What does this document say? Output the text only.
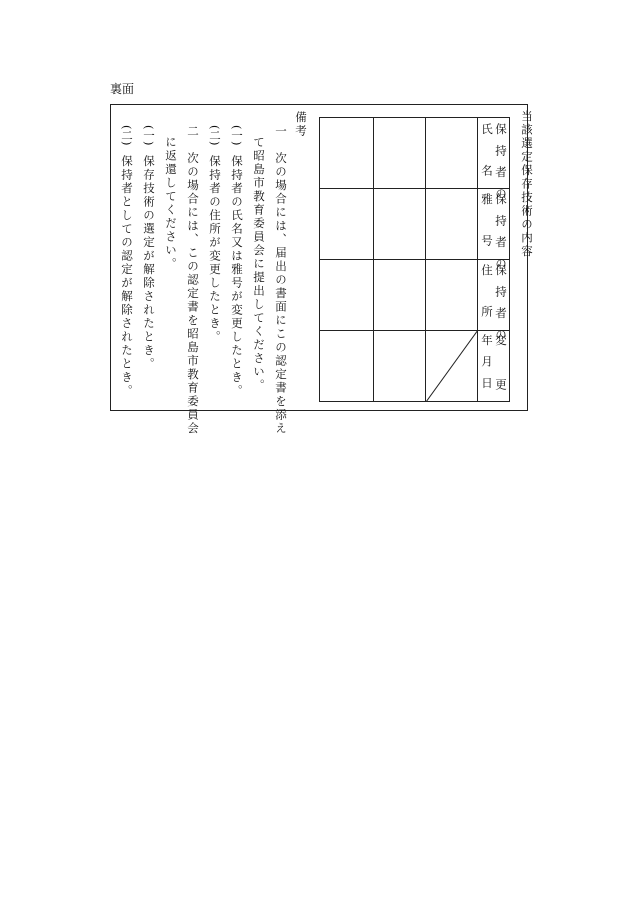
裏面
当該選定保存技術の内容
保持者の
氏名
保持者の
雅号
保持者の
住所
変更
年月日
備考
一
次の場合には、届出の書面にこの認定書を添え
て昭島市教育委員会に提出してください。
(一)
保持者の氏名又は雅号が変更したとき。
(二)
保持者の住所が変更したとき。
二
次の場合には、この認定書を昭島市教育委員会
に返還してください。
(一)
保存技術の選定が解除されたとき。
(二)
保持者としての認定が解除されたとき。
